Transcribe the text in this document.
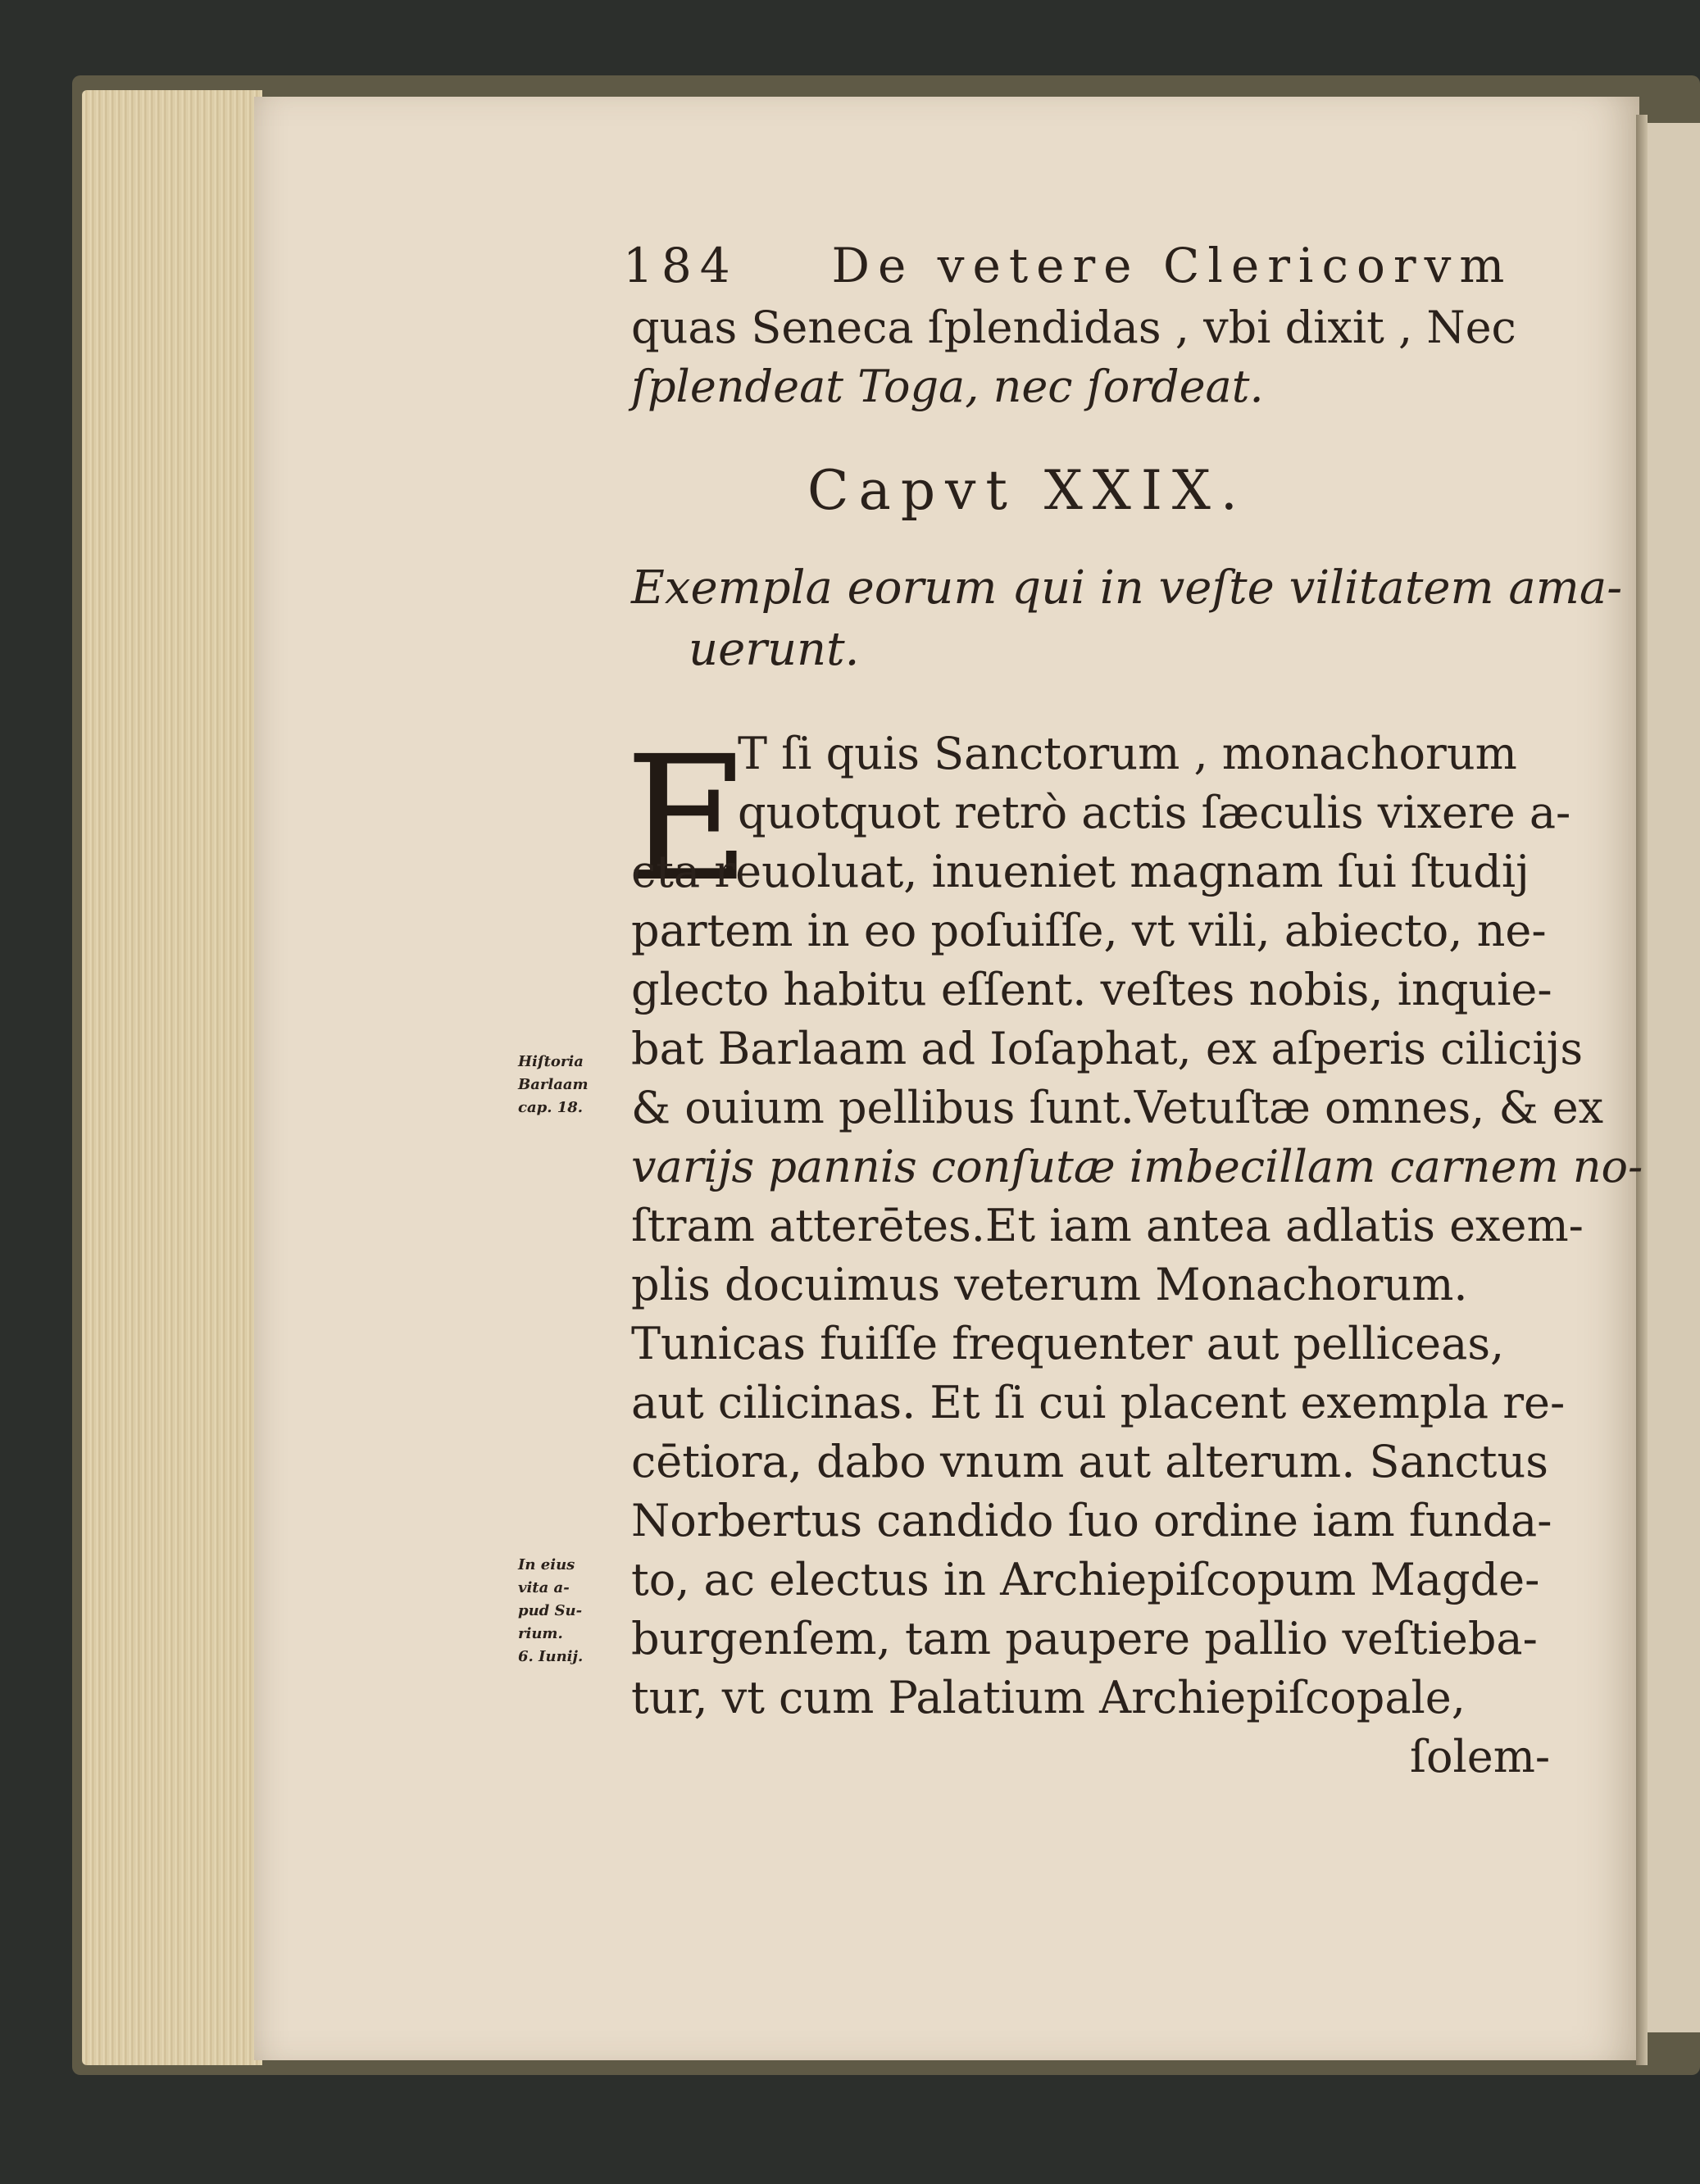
184 De vetere Clericorvm
quas Seneca ſplendidas , vbi dixit , Nec
ſplendeat Toga, nec ſordeat.
Capvt XXIX.
Exempla eorum qui in veſte vilitatem ama-
uerunt.
E
T ſi quis Sanctorum , monachorum
quotquot retrò actis ſæculis vixere a-
cta reuoluat, inueniet magnam ſui ſtudij
partem in eo poſuiſſe, vt vili, abiecto, ne-
glecto habitu eſſent. veſtes nobis, inquie-
bat Barlaam ad Ioſaphat, ex aſperis cilicijs
& ouium pellibus ſunt.Vetuſtæ omnes, & ex
varijs pannis conſutæ imbecillam carnem no-
ſtram atterētes.Et iam antea adlatis exem-
plis docuimus veterum Monachorum.
Tunicas fuiſſe frequenter aut pelliceas,
aut cilicinas. Et ſi cui placent exempla re-
cētiora, dabo vnum aut alterum. Sanctus
Norbertus candido ſuo ordine iam funda-
to, ac electus in Archiepiſcopum Magde-
burgenſem, tam paupere pallio veſtieba-
tur, vt cum Palatium Archiepiſcopale,
ſolem-
Hiſtoria
Barlaam
cap. 18.
In eius
vita a-
pud Su-
rium.
6. Iunij.
